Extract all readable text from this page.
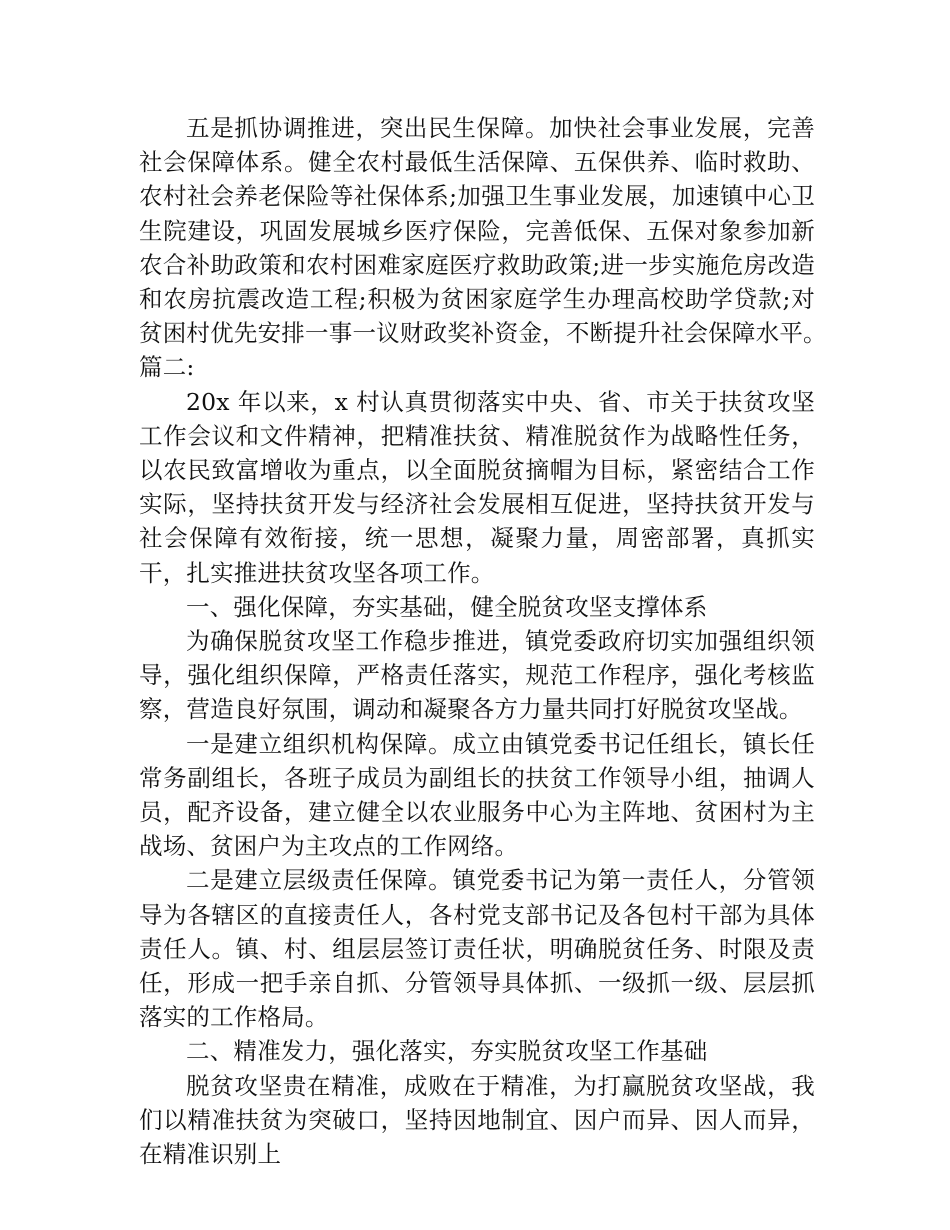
五是抓协调推进，突出民生保障。加快社会事业发展，完善社会保障体系。健全农村最低生活保障、五保供养、临时救助、农村社会养老保险等社保体系;加强卫生事业发展，加速镇中心卫生院建设，巩固发展城乡医疗保险，完善低保、五保对象参加新农合补助政策和农村困难家庭医疗救助政策;进一步实施危房改造和农房抗震改造工程;积极为贫困家庭学生办理高校助学贷款;对贫困村优先安排一事一议财政奖补资金，不断提升社会保障水平。　　篇二:

20x 年以来，x 村认真贯彻落实中央、省、市关于扶贫攻坚工作会议和文件精神，把精准扶贫、精准脱贫作为战略性任务，以农民致富增收为重点，以全面脱贫摘帽为目标，紧密结合工作实际，坚持扶贫开发与经济社会发展相互促进，坚持扶贫开发与社会保障有效衔接，统一思想，凝聚力量，周密部署，真抓实干，扎实推进扶贫攻坚各项工作。

一、强化保障，夯实基础，健全脱贫攻坚支撑体系

为确保脱贫攻坚工作稳步推进，镇党委政府切实加强组织领导，强化组织保障，严格责任落实，规范工作程序，强化考核监察，营造良好氛围，调动和凝聚各方力量共同打好脱贫攻坚战。

一是建立组织机构保障。成立由镇党委书记任组长，镇长任常务副组长，各班子成员为副组长的扶贫工作领导小组，抽调人员，配齐设备，建立健全以农业服务中心为主阵地、贫困村为主战场、贫困户为主攻点的工作网络。

二是建立层级责任保障。镇党委书记为第一责任人，分管领导为各辖区的直接责任人，各村党支部书记及各包村干部为具体责任人。镇、村、组层层签订责任状，明确脱贫任务、时限及责任，形成一把手亲自抓、分管领导具体抓、一级抓一级、层层抓落实的工作格局。

二、精准发力，强化落实，夯实脱贫攻坚工作基础

脱贫攻坚贵在精准，成败在于精准，为打赢脱贫攻坚战，我们以精准扶贫为突破口，坚持因地制宜、因户而异、因人而异，在精准识别上
